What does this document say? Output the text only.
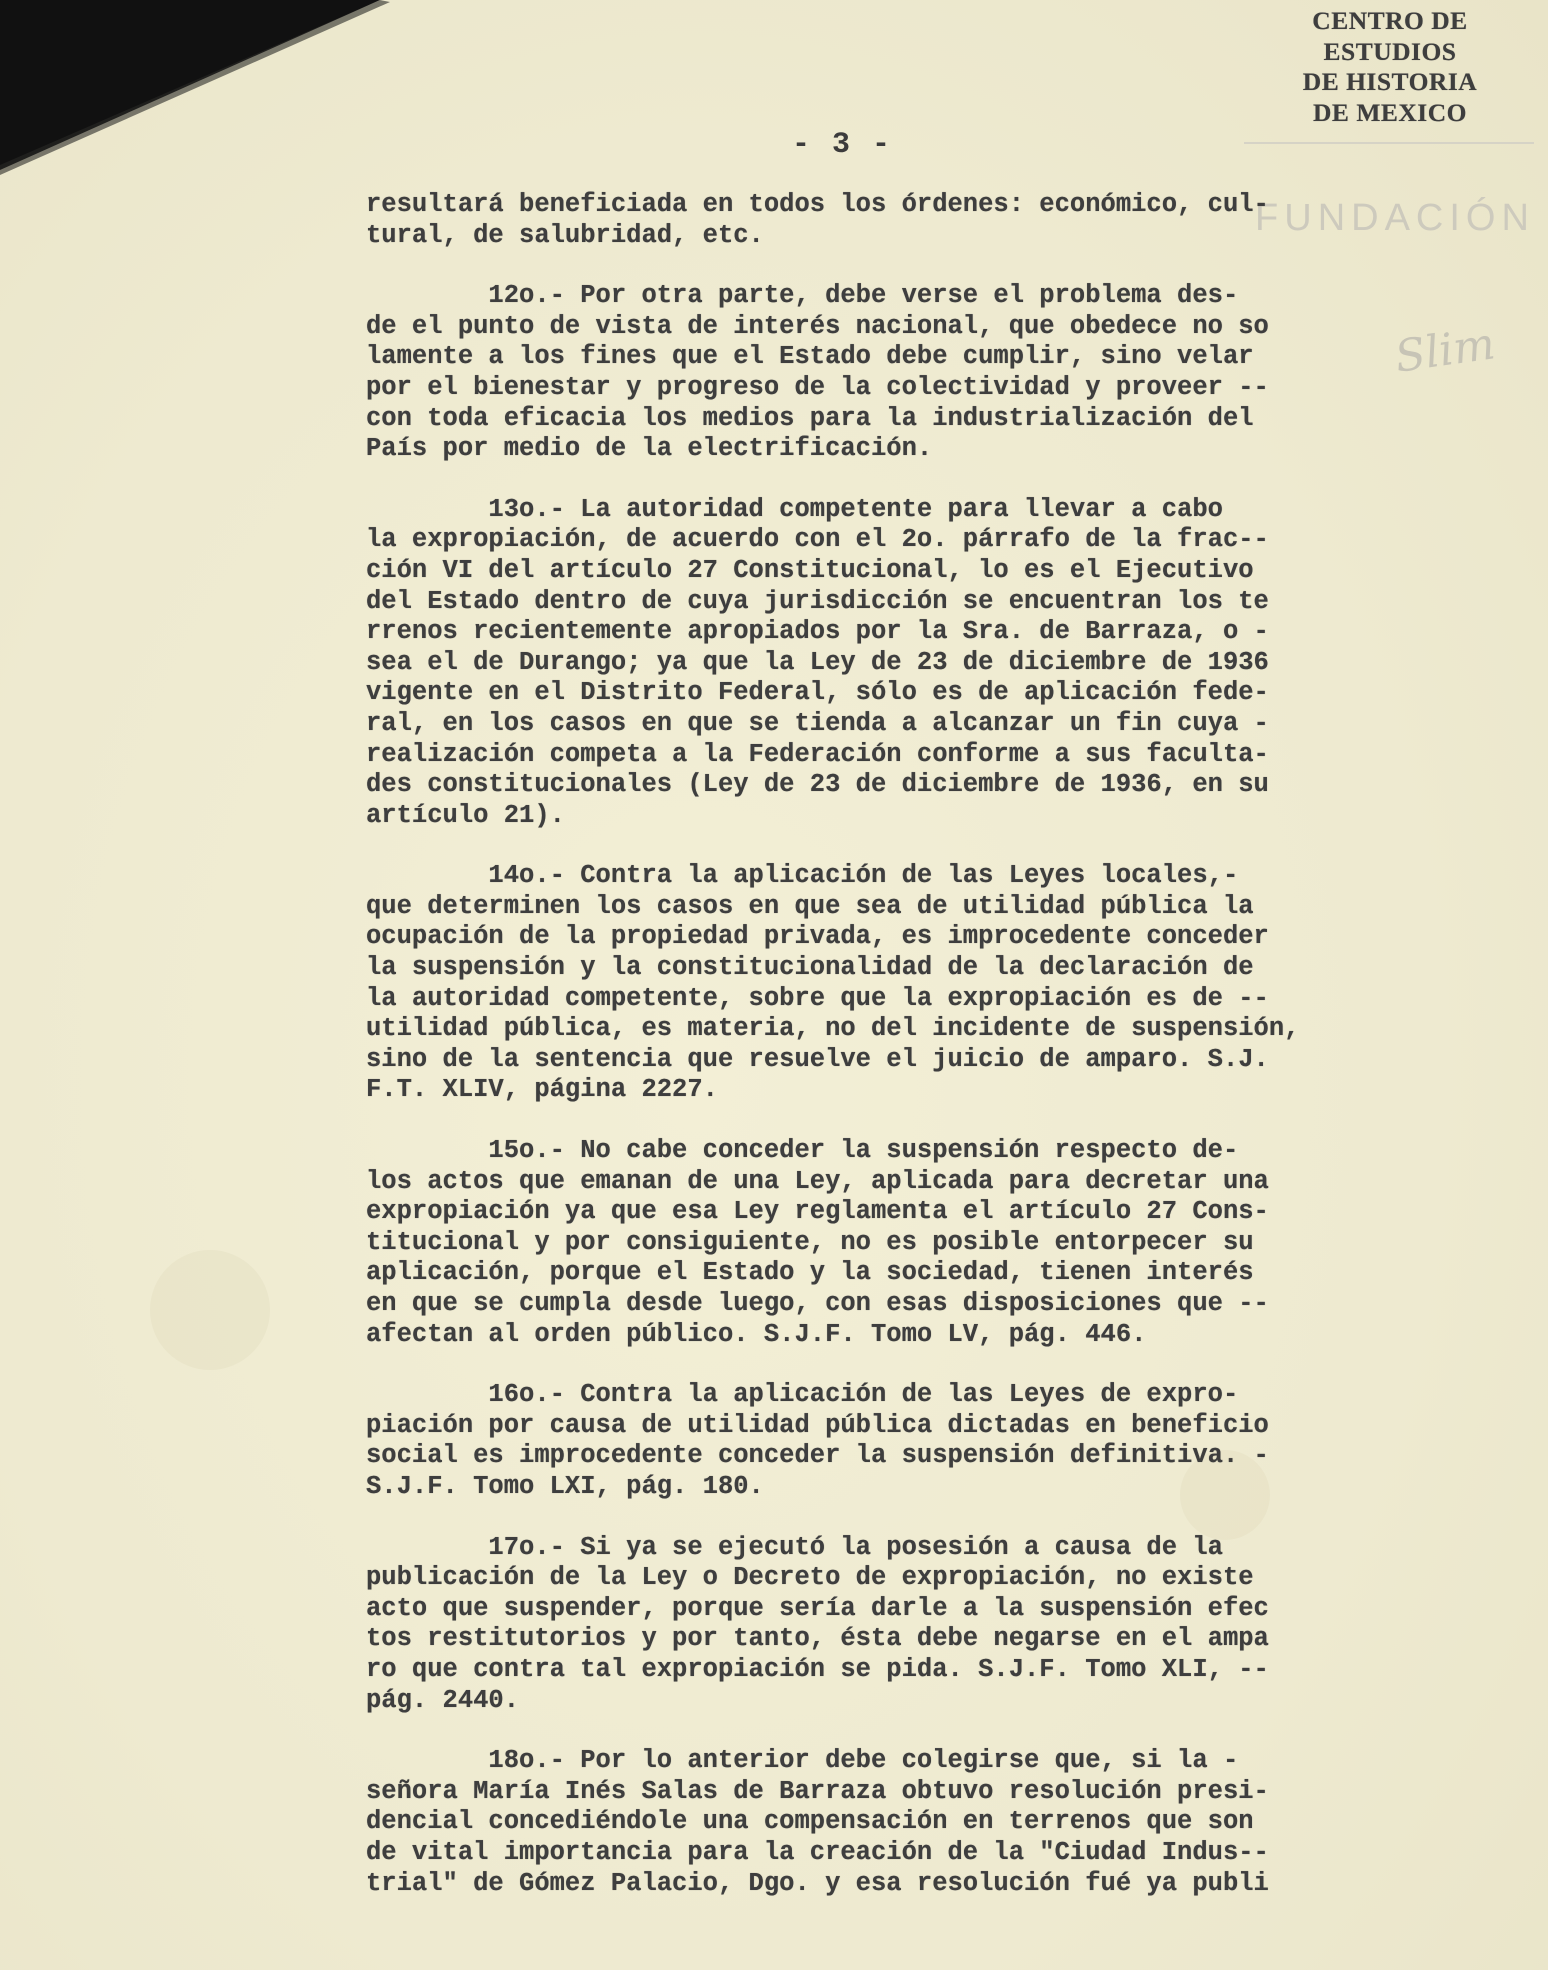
CENTRO DE
ESTUDIOS
DE HISTORIA
DE MEXICO
FUNDACIÓN
Slim
- 3 -
resultará beneficiada en todos los órdenes: económico, cul-
tural, de salubridad, etc.
12o.- Por otra parte, debe verse el problema des-
de el punto de vista de interés nacional, que obedece no so
lamente a los fines que el Estado debe cumplir, sino velar
por el bienestar y progreso de la colectividad y proveer --
con toda eficacia los medios para la industrialización del
País por medio de la electrificación.
13o.- La autoridad competente para llevar a cabo
la expropiación, de acuerdo con el 2o. párrafo de la frac--
ción VI del artículo 27 Constitucional, lo es el Ejecutivo
del Estado dentro de cuya jurisdicción se encuentran los te
rrenos recientemente apropiados por la Sra. de Barraza, o -
sea el de Durango; ya que la Ley de 23 de diciembre de 1936
vigente en el Distrito Federal, sólo es de aplicación fede-
ral, en los casos en que se tienda a alcanzar un fin cuya -
realización competa a la Federación conforme a sus faculta-
des constitucionales (Ley de 23 de diciembre de 1936, en su
artículo 21).
14o.- Contra la aplicación de las Leyes locales,-
que determinen los casos en que sea de utilidad pública la
ocupación de la propiedad privada, es improcedente conceder
la suspensión y la constitucionalidad de la declaración de
la autoridad competente, sobre que la expropiación es de --
utilidad pública, es materia, no del incidente de suspensión,
sino de la sentencia que resuelve el juicio de amparo. S.J.
F.T. XLIV, página 2227.
15o.- No cabe conceder la suspensión respecto de-
los actos que emanan de una Ley, aplicada para decretar una
expropiación ya que esa Ley reglamenta el artículo 27 Cons-
titucional y por consiguiente, no es posible entorpecer su
aplicación, porque el Estado y la sociedad, tienen interés
en que se cumpla desde luego, con esas disposiciones que --
afectan al orden público. S.J.F. Tomo LV, pág. 446.
16o.- Contra la aplicación de las Leyes de expro-
piación por causa de utilidad pública dictadas en beneficio
social es improcedente conceder la suspensión definitiva. -
S.J.F. Tomo LXI, pág. 180.
17o.- Si ya se ejecutó la posesión a causa de la
publicación de la Ley o Decreto de expropiación, no existe
acto que suspender, porque sería darle a la suspensión efec
tos restitutorios y por tanto, ésta debe negarse en el ampa
ro que contra tal expropiación se pida. S.J.F. Tomo XLI, --
pág. 2440.
18o.- Por lo anterior debe colegirse que, si la -
señora María Inés Salas de Barraza obtuvo resolución presi-
dencial concediéndole una compensación en terrenos que son
de vital importancia para la creación de la "Ciudad Indus--
trial" de Gómez Palacio, Dgo. y esa resolución fué ya publi
